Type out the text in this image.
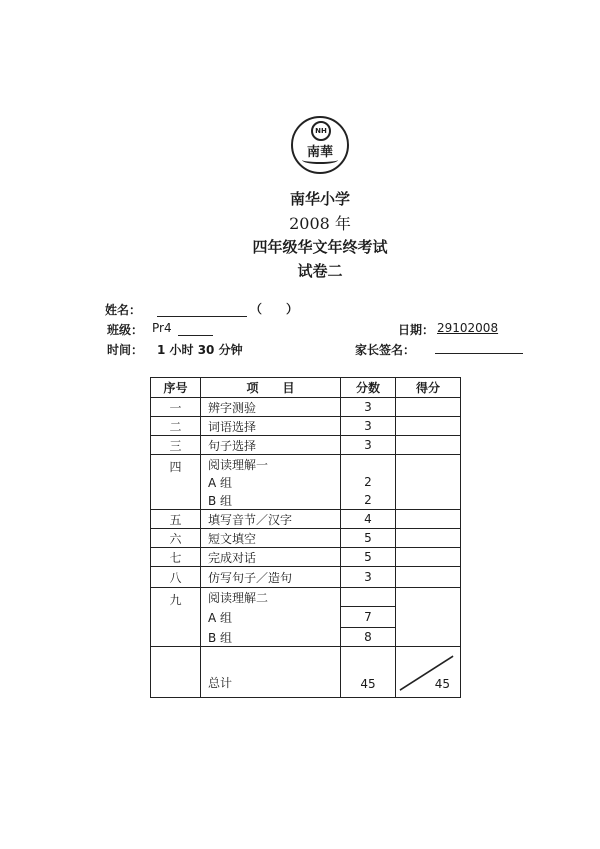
NH
南華
南华小学
2008 年
四年级华文年终考试
试卷二
姓名：	（　　）
班级： Pr4	日期： 29102008
时间： 1 小时 30 分钟	家长签名：
序号	项　　目	分数	得分
一	辨字测验	3	
二	词语选择	3	
三	句子选择	3	
四	阅读理解一		
	A 组	2	
	B 组	2	
五	填写音节／汉字	4	
六	短文填空	5	
七	完成对话	5	
八	仿写句子／造句	3	
九	阅读理解二		
	A 组	7	
	B 组	8	
	总计	45	45
